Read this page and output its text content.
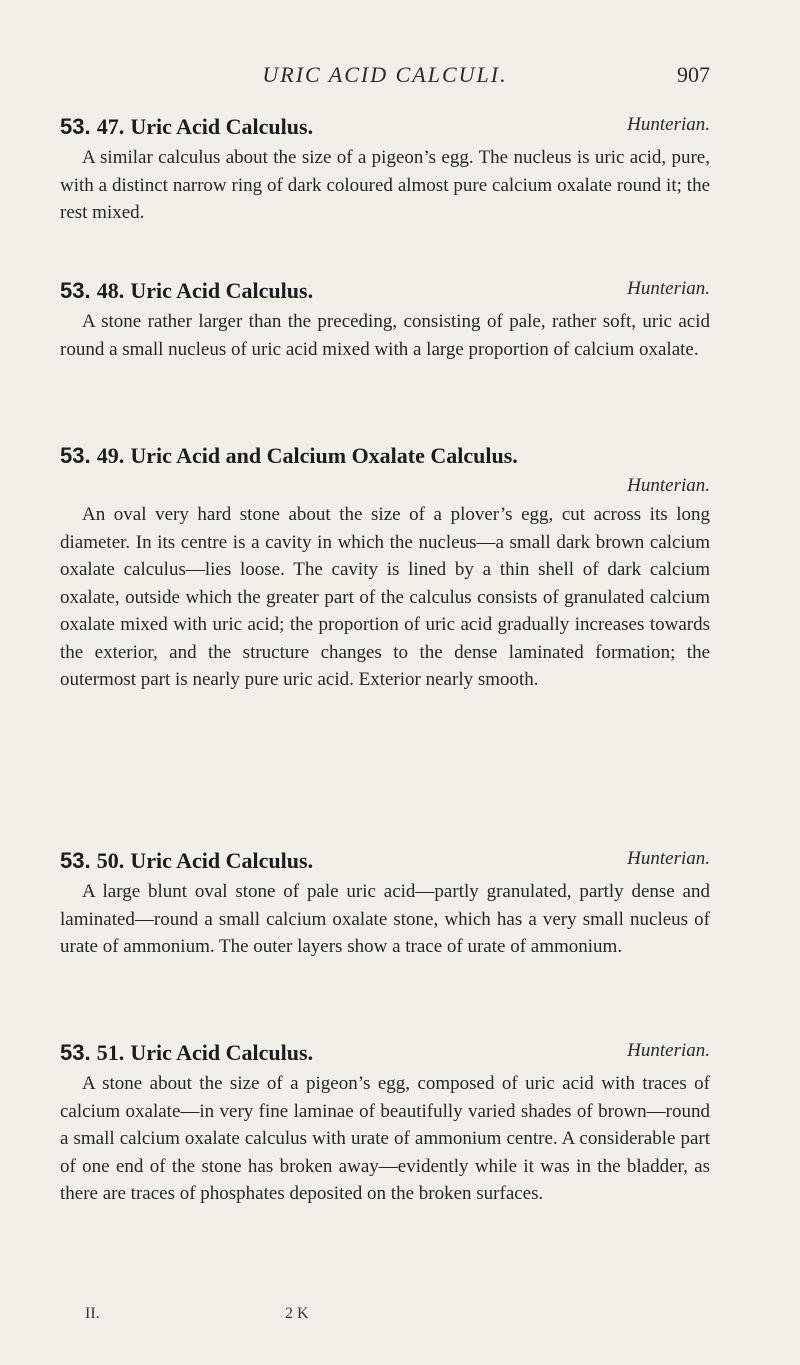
URIC ACID CALCULI.	907
53. 47. Uric Acid Calculus.	Hunterian.

A similar calculus about the size of a pigeon’s egg. The nucleus is uric acid, pure, with a distinct narrow ring of dark coloured almost pure calcium oxalate round it; the rest mixed.

53. 48. Uric Acid Calculus.	Hunterian.

A stone rather larger than the preceding, consisting of pale, rather soft, uric acid round a small nucleus of uric acid mixed with a large proportion of calcium oxalate.

53. 49. Uric Acid and Calcium Oxalate Calculus.
Hunterian.

An oval very hard stone about the size of a plover’s egg, cut across its long diameter. In its centre is a cavity in which the nucleus—a small dark brown calcium oxalate calculus—lies loose. The cavity is lined by a thin shell of dark calcium oxalate, outside which the greater part of the calculus consists of granulated calcium oxalate mixed with uric acid; the proportion of uric acid gradually increases towards the exterior, and the structure changes to the dense laminated formation; the outermost part is nearly pure uric acid. Exterior nearly smooth.

53. 50. Uric Acid Calculus.	Hunterian.

A large blunt oval stone of pale uric acid—partly granulated, partly dense and laminated—round a small calcium oxalate stone, which has a very small nucleus of urate of ammonium. The outer layers show a trace of urate of ammonium.

53. 51. Uric Acid Calculus.	Hunterian.

A stone about the size of a pigeon’s egg, composed of uric acid with traces of calcium oxalate—in very fine laminae of beautifully varied shades of brown—round a small calcium oxalate calculus with urate of ammonium centre. A considerable part of one end of the stone has broken away—evidently while it was in the bladder, as there are traces of phosphates deposited on the broken surfaces.

II.	2 K
